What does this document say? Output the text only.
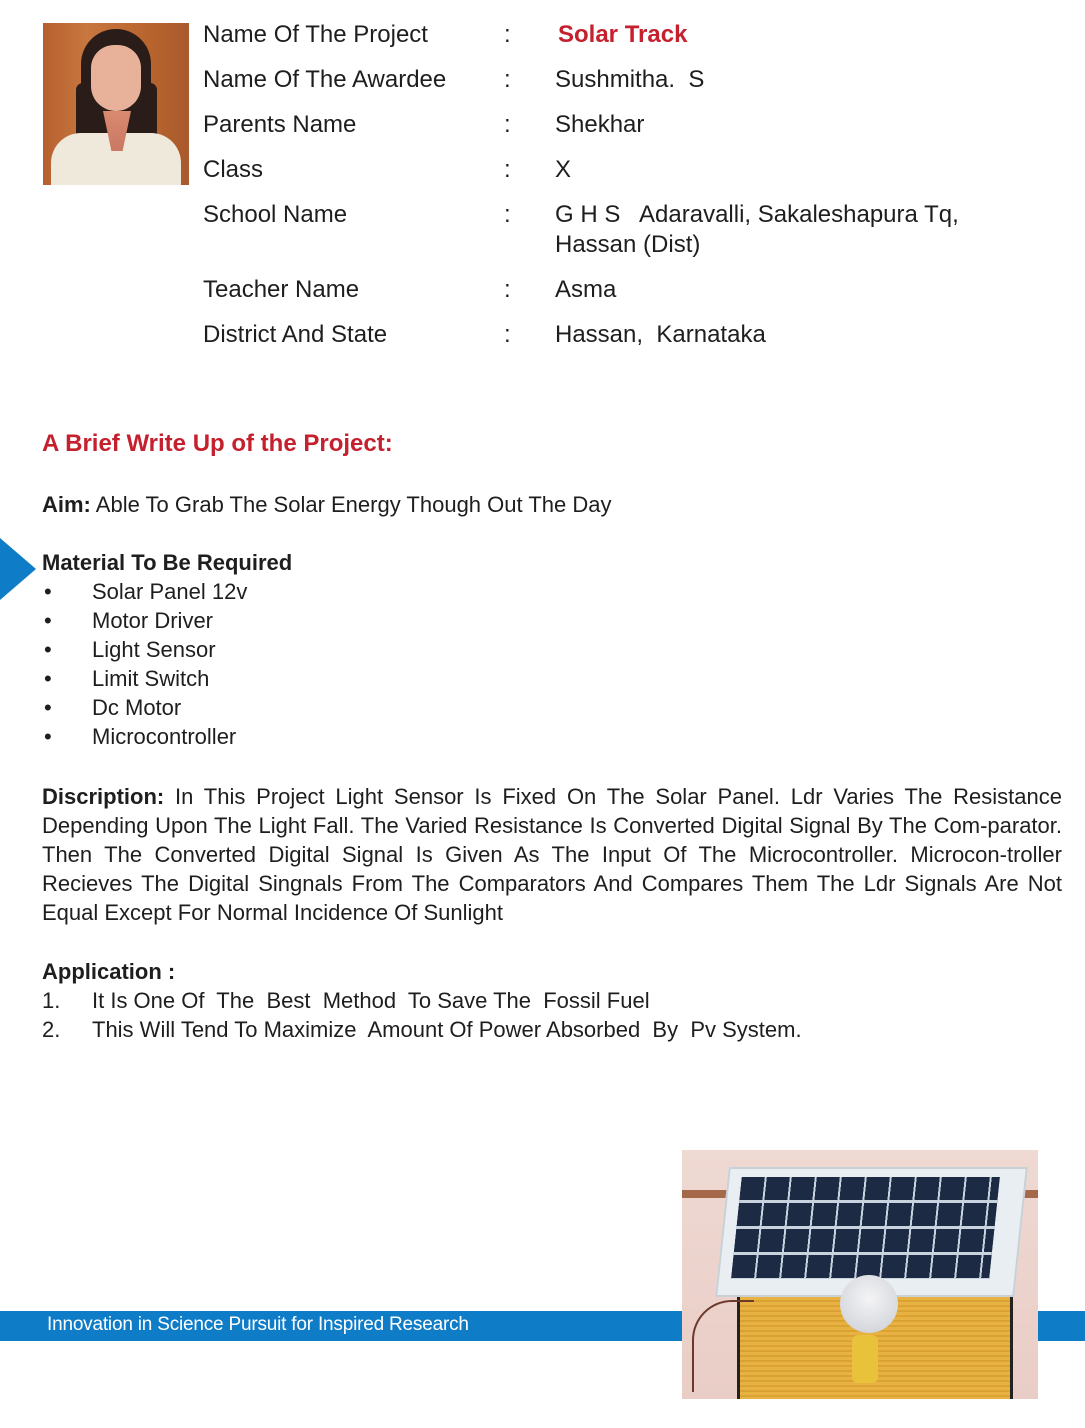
Name Of The Project	: Solar Track
Name Of The Awardee : Sushmitha.  S
Parents Name	: Shekhar
Class	: X
School Name	: G H S   Adaravalli, Sakaleshapura Tq,
Hassan (Dist)
Teacher Name	: Asma
District And State	: Hassan,  Karnataka
A Brief Write Up of the Project:
Aim: Able To Grab The Solar Energy Though Out The Day
Material To Be Required
• Solar Panel 12v
• Motor Driver
• Light Sensor
• Limit Switch
• Dc Motor
• Microcontroller
Discription: In This Project Light Sensor Is Fixed On The Solar Panel. Ldr Varies The Resistance Depending Upon The Light Fall. The Varied Resistance Is Converted Digital Signal By The Com-parator. Then The Converted Digital Signal Is Given As The Input Of The Microcontroller. Microcon-troller Recieves The Digital Singnals From The Comparators And Compares Them The Ldr Signals Are Not Equal Except For Normal Incidence Of Sunlight
Application :
1. It Is One Of  The  Best  Method  To Save The  Fossil Fuel
2. This Will Tend To Maximize  Amount Of Power Absorbed  By  Pv System.
Innovation in Science Pursuit for Inspired Research
